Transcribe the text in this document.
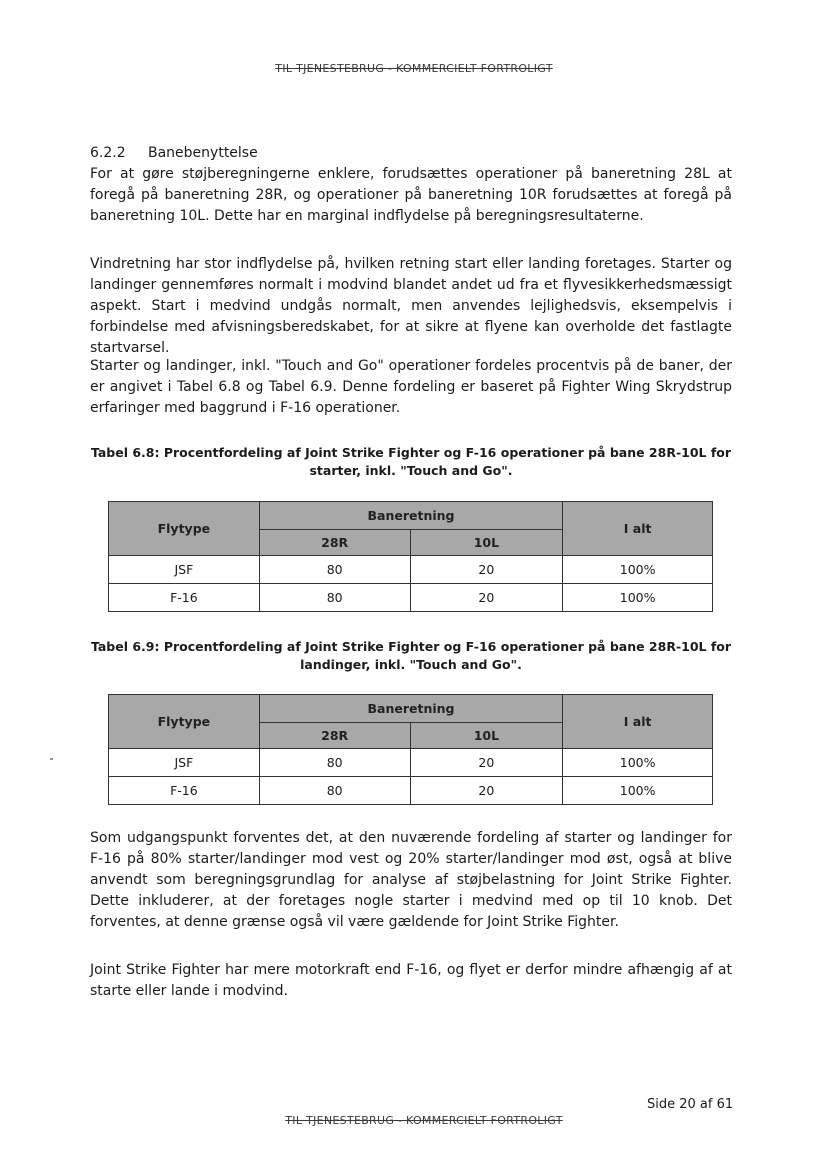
TIL TJENESTEBRUG - KOMMERCIELT FORTROLIGT

6.2.2 Banebenyttelse

For at gøre støjberegningerne enklere, forudsættes operationer på baneretning 28L at foregå på baneretning 28R, og operationer på baneretning 10R forudsættes at foregå på baneretning 10L. Dette har en marginal indflydelse på beregningsresultaterne.

Vindretning har stor indflydelse på, hvilken retning start eller landing foretages. Starter og landinger gennemføres normalt i modvind blandet andet ud fra et flyvesikkerhedsmæssigt aspekt. Start i medvind undgås normalt, men anvendes lejlighedsvis, eksempelvis i forbindelse med afvisningsberedskabet, for at sikre at flyene kan overholde det fastlagte startvarsel.

Starter og landinger, inkl. "Touch and Go" operationer fordeles procentvis på de baner, der er angivet i Tabel 6.8 og Tabel 6.9. Denne fordeling er baseret på Fighter Wing Skrydstrup erfaringer med baggrund i F-16 operationer.

Tabel 6.8: Procentfordeling af Joint Strike Fighter og F-16 operationer på bane 28R-10L for
starter, inkl. "Touch and Go".
Flytype	Baneretning		I alt
	28R	10L	
JSF	80	20	100%
F-16	80	20	100%
Tabel 6.9: Procentfordeling af Joint Strike Fighter og F-16 operationer på bane 28R-10L for
landinger, inkl. "Touch and Go".
Flytype	Baneretning		I alt
	28R	10L	
JSF	80	20	100%
F-16	80	20	100%

Som udgangspunkt forventes det, at den nuværende fordeling af starter og landinger for F-16 på 80% starter/landinger mod vest og 20% starter/landinger mod øst, også at blive anvendt som beregningsgrundlag for analyse af støjbelastning for Joint Strike Fighter. Dette inkluderer, at der foretages nogle starter i medvind med op til 10 knob. Det forventes, at denne grænse også vil være gældende for Joint Strike Fighter.

Joint Strike Fighter har mere motorkraft end F-16, og flyet er derfor mindre afhængig af at starte eller lande i modvind.

Side 20 af 61
TIL TJENESTEBRUG - KOMMERCIELT FORTROLIGT
